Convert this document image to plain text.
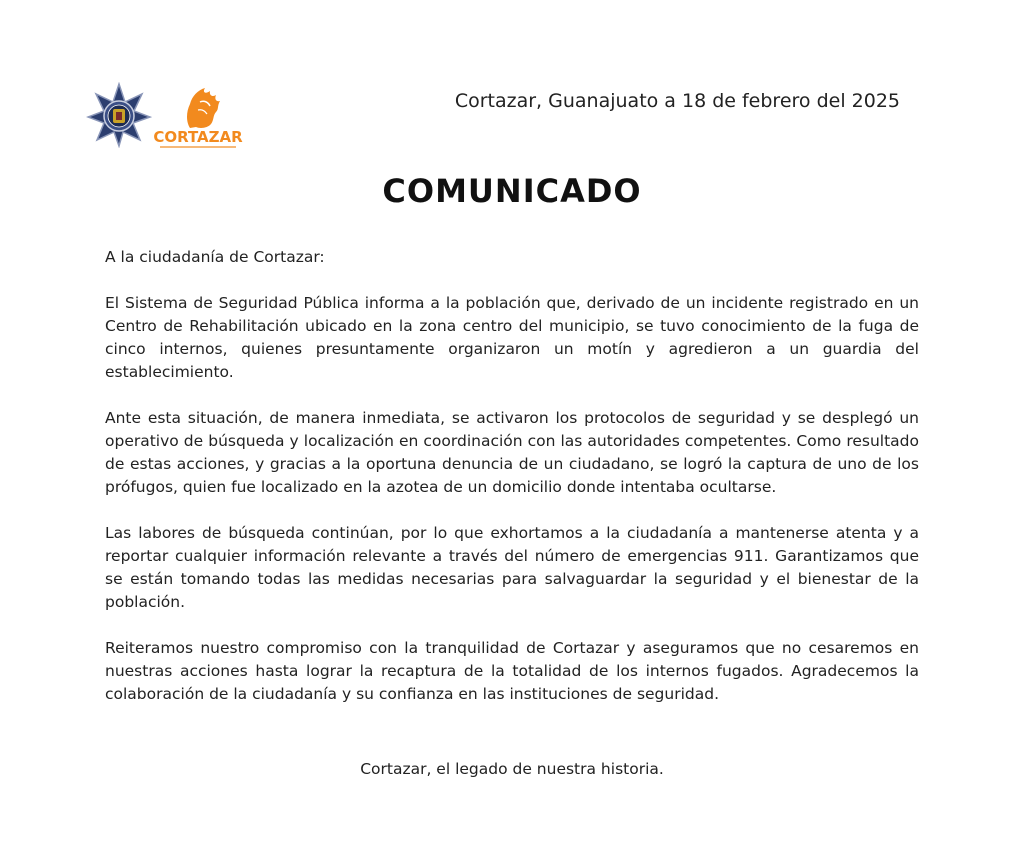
CORTAZAR
Cortazar, Guanajuato a 18 de febrero del 2025
COMUNICADO

A la ciudadanía de Cortazar:

El Sistema de Seguridad Pública informa a la población que, derivado de un incidente registrado en un Centro de Rehabilitación ubicado en la zona centro del municipio, se tuvo conocimiento de la fuga de cinco internos, quienes presuntamente organizaron un motín y agredieron a un guardia del establecimiento.

Ante esta situación, de manera inmediata, se activaron los protocolos de seguridad y se desplegó un operativo de búsqueda y localización en coordinación con las autoridades competentes. Como resultado de estas acciones, y gracias a la oportuna denuncia de un ciudadano, se logró la captura de uno de los prófugos, quien fue localizado en la azotea de un domicilio donde intentaba ocultarse.

Las labores de búsqueda continúan, por lo que exhortamos a la ciudadanía a mantenerse atenta y a reportar cualquier información relevante a través del número de emergencias 911. Garantizamos que se están tomando todas las medidas necesarias para salvaguardar la seguridad y el bienestar de la población.

Reiteramos nuestro compromiso con la tranquilidad de Cortazar y aseguramos que no cesaremos en nuestras acciones hasta lograr la recaptura de la totalidad de los internos fugados. Agradecemos la colaboración de la ciudadanía y su confianza en las instituciones de seguridad.

Cortazar, el legado de nuestra historia.
